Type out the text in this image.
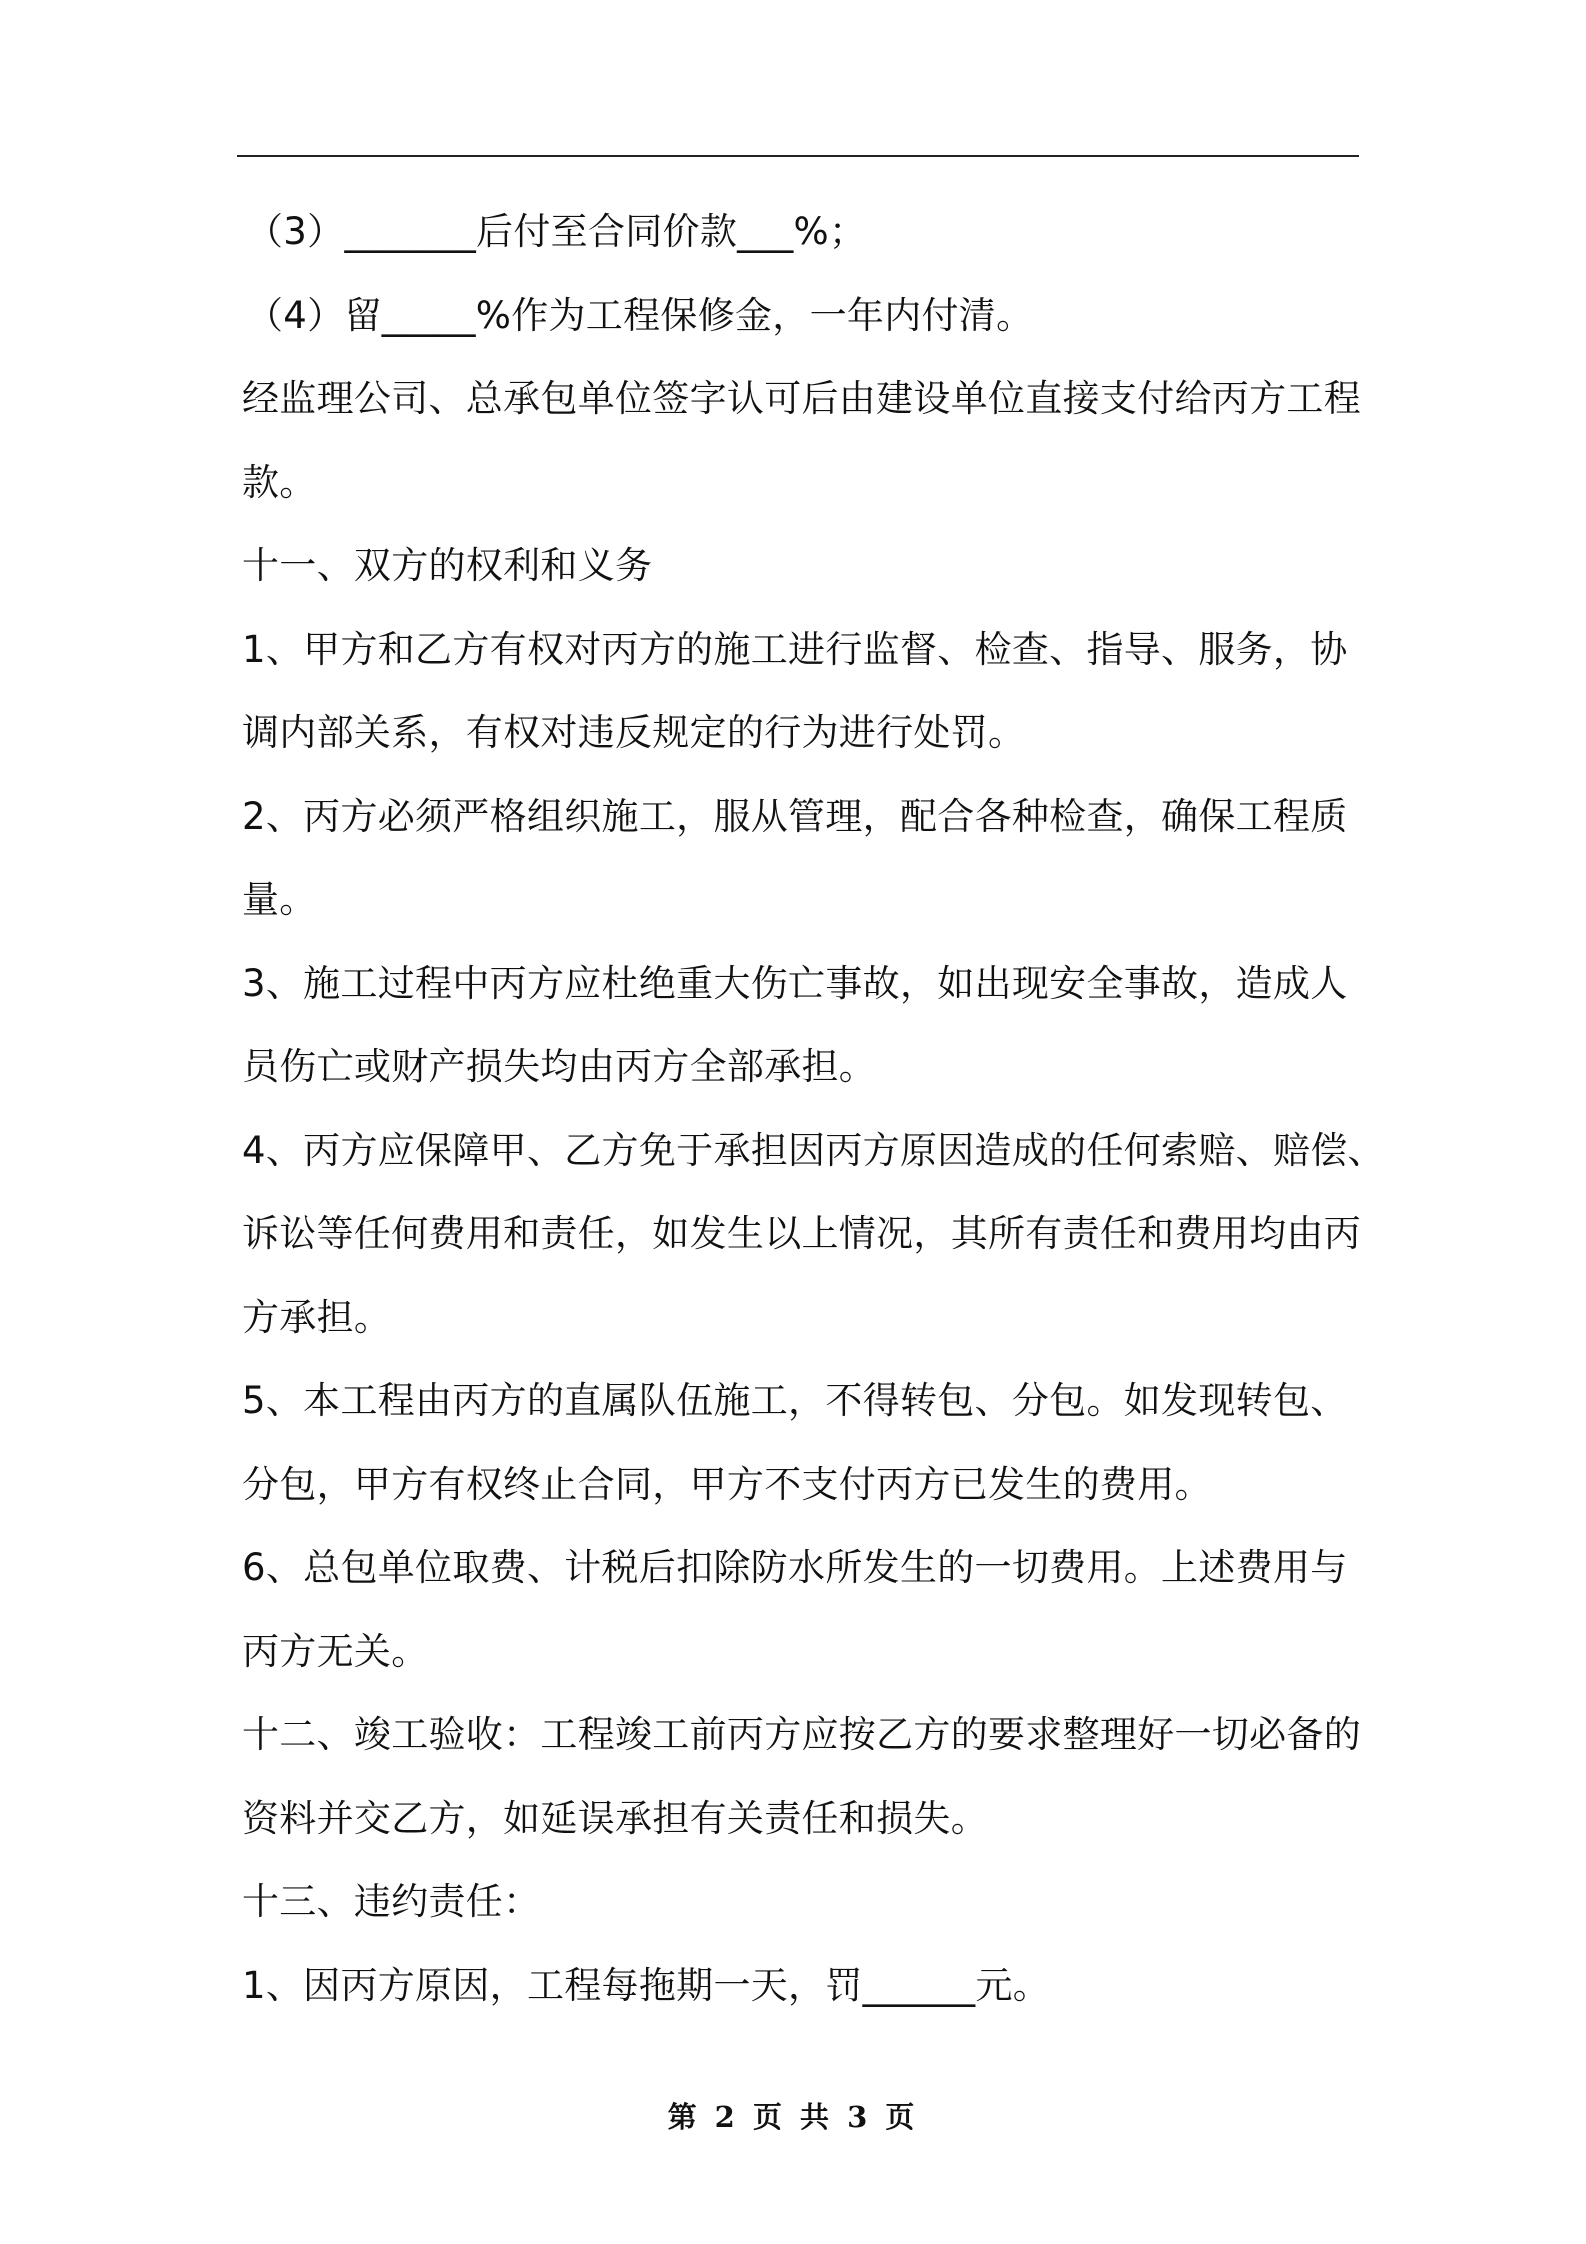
（3）_______后付至合同价款___%；

（4）留_____%作为工程保修金，一年内付清。

经监理公司、总承包单位签字认可后由建设单位直接支付给丙方工程
款。

十一、双方的权利和义务

1、甲方和乙方有权对丙方的施工进行监督、检查、指导、服务，协
调内部关系，有权对违反规定的行为进行处罚。

2、丙方必须严格组织施工，服从管理，配合各种检查，确保工程质
量。

3、施工过程中丙方应杜绝重大伤亡事故，如出现安全事故，造成人
员伤亡或财产损失均由丙方全部承担。

4、丙方应保障甲、乙方免于承担因丙方原因造成的任何索赔、赔偿、
诉讼等任何费用和责任，如发生以上情况，其所有责任和费用均由丙
方承担。

5、本工程由丙方的直属队伍施工，不得转包、分包。如发现转包、
分包，甲方有权终止合同，甲方不支付丙方已发生的费用。

6、总包单位取费、计税后扣除防水所发生的一切费用。上述费用与
丙方无关。

十二、竣工验收：工程竣工前丙方应按乙方的要求整理好一切必备的
资料并交乙方，如延误承担有关责任和损失。

十三、违约责任：

1、因丙方原因，工程每拖期一天，罚______元。

第 2 页 共 3 页
